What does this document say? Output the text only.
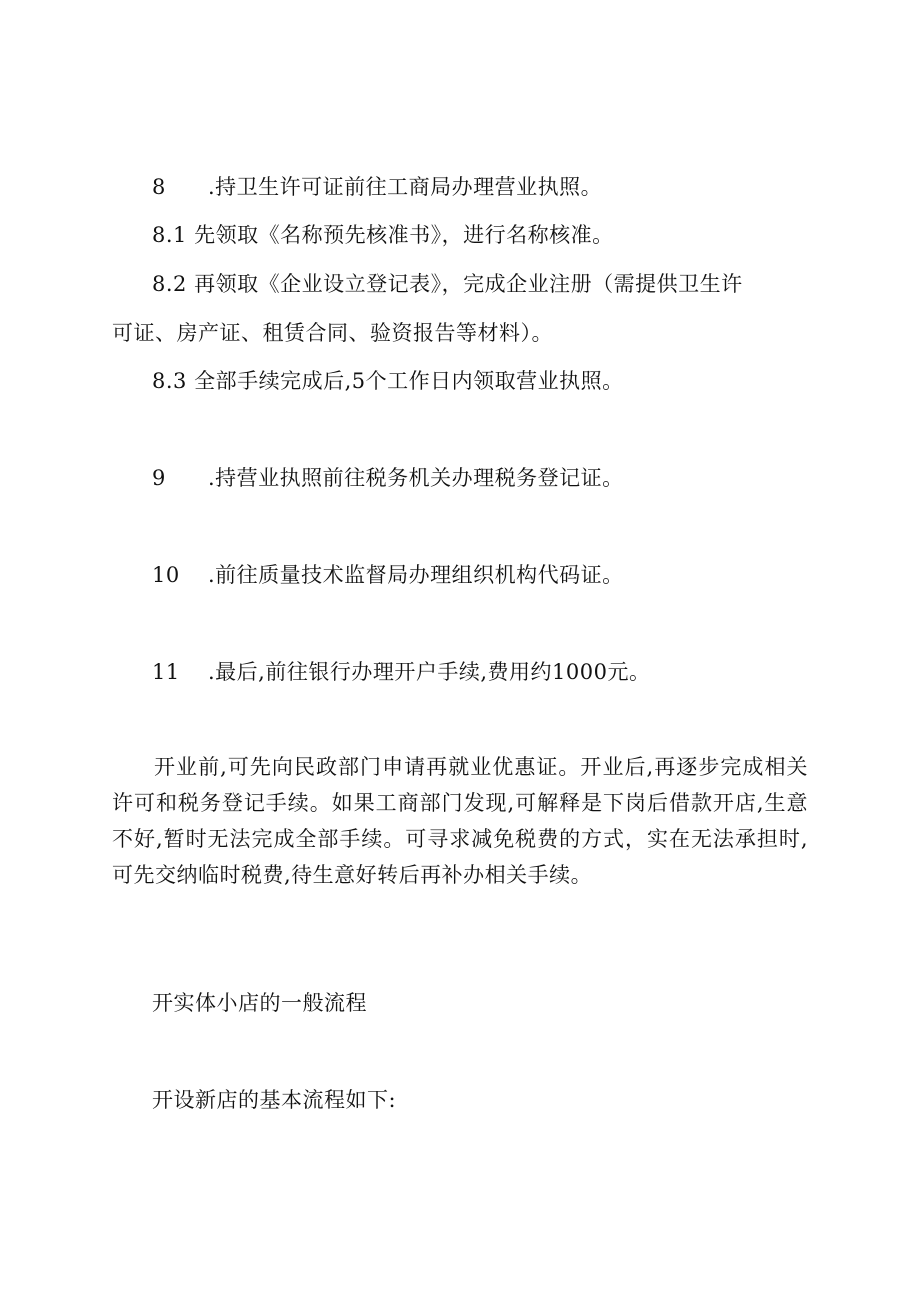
8 .持卫生许可证前往工商局办理营业执照。
8.1 先领取《名称预先核准书》，进行名称核准。
8.2 再领取《企业设立登记表》，完成企业注册（需提供卫生许
可证、房产证、租赁合同、验资报告等材料）。
8.3 全部手续完成后,5个工作日内领取营业执照。
9 .持营业执照前往税务机关办理税务登记证。
10 .前往质量技术监督局办理组织机构代码证。
11 .最后,前往银行办理开户手续,费用约1000元。
开业前,可先向民政部门申请再就业优惠证。开业后,再逐步完成相关许可和税务登记手续。如果工商部门发现,可解释是下岗后借款开店,生意不好,暂时无法完成全部手续。可寻求减免税费的方式，实在无法承担时,可先交纳临时税费,待生意好转后再补办相关手续。
开实体小店的一般流程
开设新店的基本流程如下:
